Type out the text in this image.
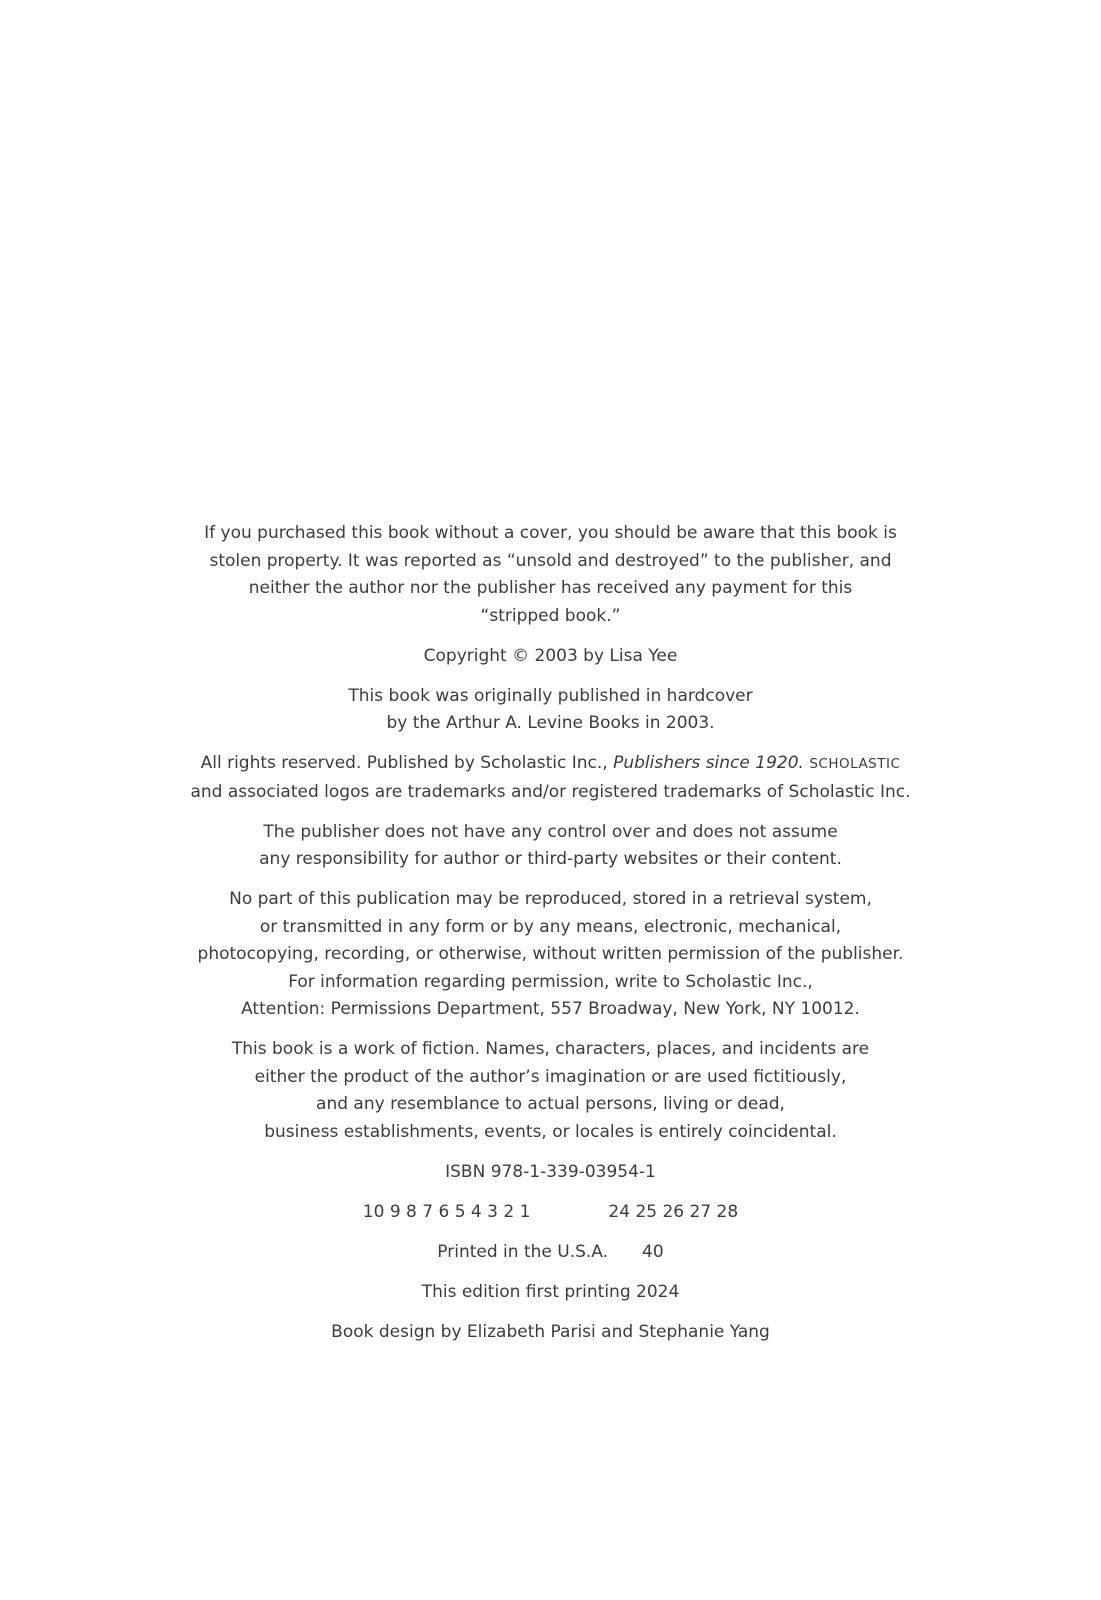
If you purchased this book without a cover, you should be aware that this book is
stolen property. It was reported as “unsold and destroyed” to the publisher, and
neither the author nor the publisher has received any payment for this
“stripped book.”

Copyright © 2003 by Lisa Yee

This book was originally published in hardcover
by the Arthur A. Levine Books in 2003.

All rights reserved. Published by Scholastic Inc., Publishers since 1920. SCHOLASTIC
and associated logos are trademarks and/or registered trademarks of Scholastic Inc.

The publisher does not have any control over and does not assume
any responsibility for author or third-party websites or their content.

No part of this publication may be reproduced, stored in a retrieval system,
or transmitted in any form or by any means, electronic, mechanical,
photocopying, recording, or otherwise, without written permission of the publisher.
For information regarding permission, write to Scholastic Inc.,
Attention: Permissions Department, 557 Broadway, New York, NY 10012.

This book is a work of fiction. Names, characters, places, and incidents are
either the product of the author’s imagination or are used fictitiously,
and any resemblance to actual persons, living or dead,
business establishments, events, or locales is entirely coincidental.

ISBN 978-1-339-03954-1

10 9 8 7 6 5 4 3 2 1	24 25 26 27 28

Printed in the U.S.A. 40

This edition first printing 2024

Book design by Elizabeth Parisi and Stephanie Yang
